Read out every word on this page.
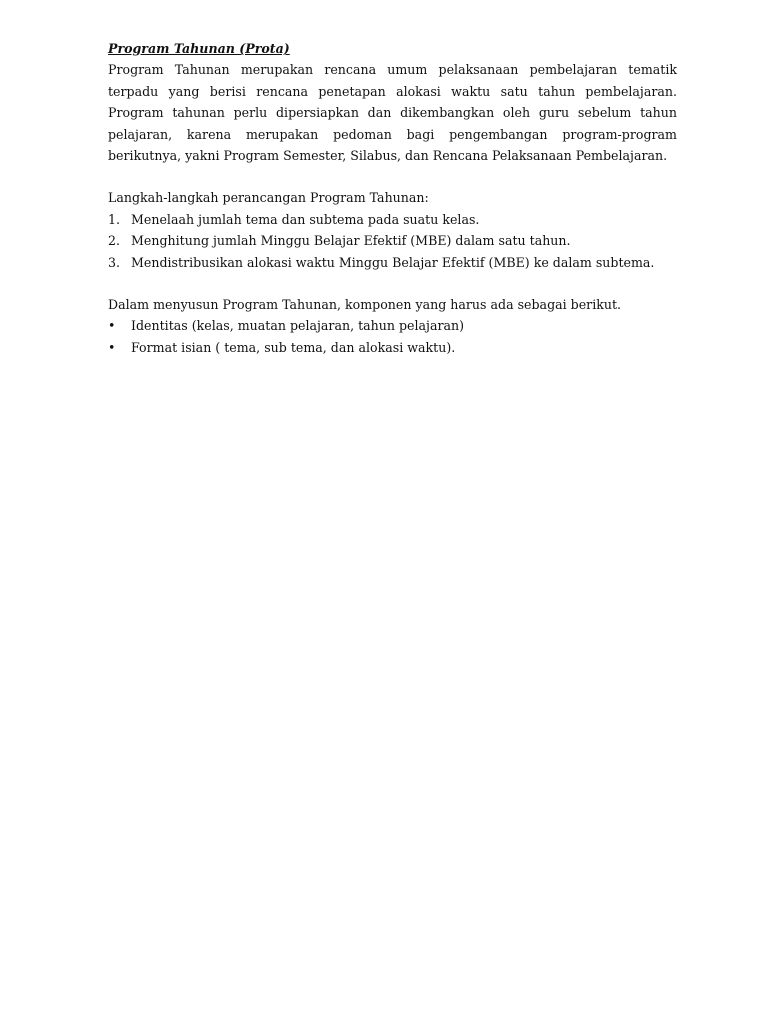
Program Tahunan (Prota)

Program Tahunan merupakan rencana umum pelaksanaan pembelajaran tematik terpadu yang berisi rencana penetapan alokasi waktu satu tahun pembelajaran. Program tahunan perlu dipersiapkan dan dikembangkan oleh guru sebelum tahun pelajaran, karena merupakan pedoman bagi pengembangan program-program berikutnya, yakni Program Semester, Silabus, dan Rencana Pelaksanaan Pembelajaran.

Langkah-langkah perancangan Program Tahunan:

1. Menelaah jumlah tema dan subtema pada suatu kelas.
2. Menghitung jumlah Minggu Belajar Efektif (MBE) dalam satu tahun.
3. Mendistribusikan alokasi waktu Minggu Belajar Efektif (MBE) ke dalam subtema.

Dalam menyusun Program Tahunan, komponen yang harus ada sebagai berikut.

• Identitas (kelas, muatan pelajaran, tahun pelajaran)
• Format isian ( tema, sub tema, dan alokasi waktu).
